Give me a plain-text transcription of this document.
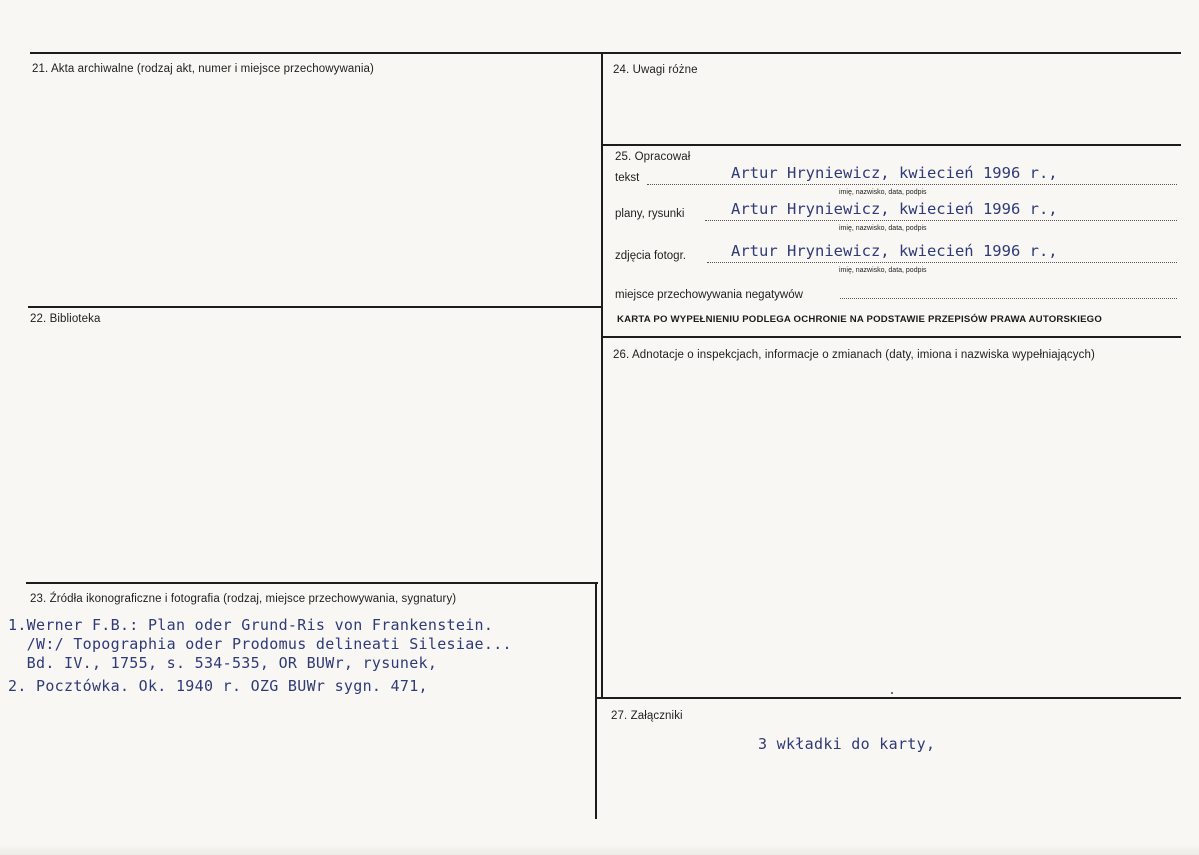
21. Akta archiwalne (rodzaj akt, numer i miejsce przechowywania)
22. Biblioteka
23. Źródła ikonograficzne i fotografia (rodzaj, miejsce przechowywania, sygnatury)
1.Werner F.B.: Plan oder Grund-Ris von Frankenstein.
/W:/ Topographia oder Prodomus delineati Silesiae...
Bd. IV., 1755, s. 534-535, OR BUWr, rysunek,
2. Pocztówka. Ok. 1940 r. OZG BUWr sygn. 471,
24. Uwagi różne
25. Opracował
tekst	Artur Hryniewicz, kwiecień 1996 r.,
imię, nazwisko, data, podpis
plany, rysunki	Artur Hryniewicz, kwiecień 1996 r.,
imię, nazwisko, data, podpis
zdjęcia fotogr.	Artur Hryniewicz, kwiecień 1996 r.,
imię, nazwisko, data, podpis
miejsce przechowywania negatywów
KARTA PO WYPEŁNIENIU PODLEGA OCHRONIE NA PODSTAWIE PRZEPISÓW PRAWA AUTORSKIEGO
26. Adnotacje o inspekcjach, informacje o zmianach (daty, imiona i nazwiska wypełniających)
27. Załączniki
3 wkładki do karty,
